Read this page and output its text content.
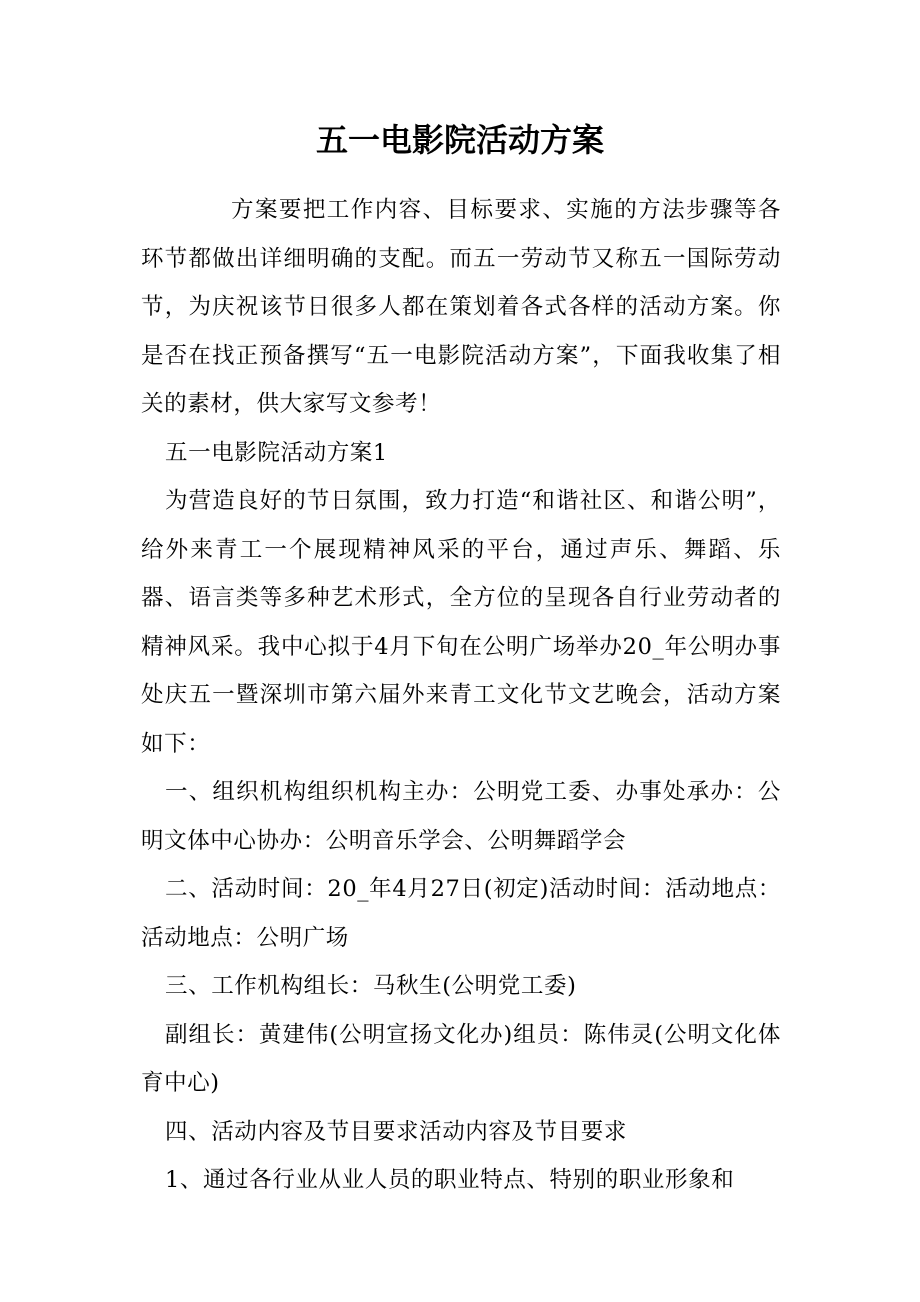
五一电影院活动方案

方案要把工作内容、目标要求、实施的方法步骤等各环节都做出详细明确的支配。而五一劳动节又称五一国际劳动节，为庆祝该节日很多人都在策划着各式各样的活动方案。你是否在找正预备撰写“五一电影院活动方案”，下面我收集了相关的素材，供大家写文参考！

五一电影院活动方案1

为营造良好的节日氛围，致力打造“和谐社区、和谐公明”，给外来青工一个展现精神风采的平台，通过声乐、舞蹈、乐器、语言类等多种艺术形式，全方位的呈现各自行业劳动者的精神风采。我中心拟于4月下旬在公明广场举办20_年公明办事处庆五一暨深圳市第六届外来青工文化节文艺晚会，活动方案如下：

一、组织机构组织机构主办：公明党工委、办事处承办：公明文体中心协办：公明音乐学会、公明舞蹈学会

二、活动时间：20_年4月27日(初定)活动时间：活动地点：活动地点：公明广场

三、工作机构组长：马秋生(公明党工委)

副组长：黄建伟(公明宣扬文化办)组员：陈伟灵(公明文化体育中心)

四、活动内容及节目要求活动内容及节目要求

1、通过各行业从业人员的职业特点、特别的职业形象和
